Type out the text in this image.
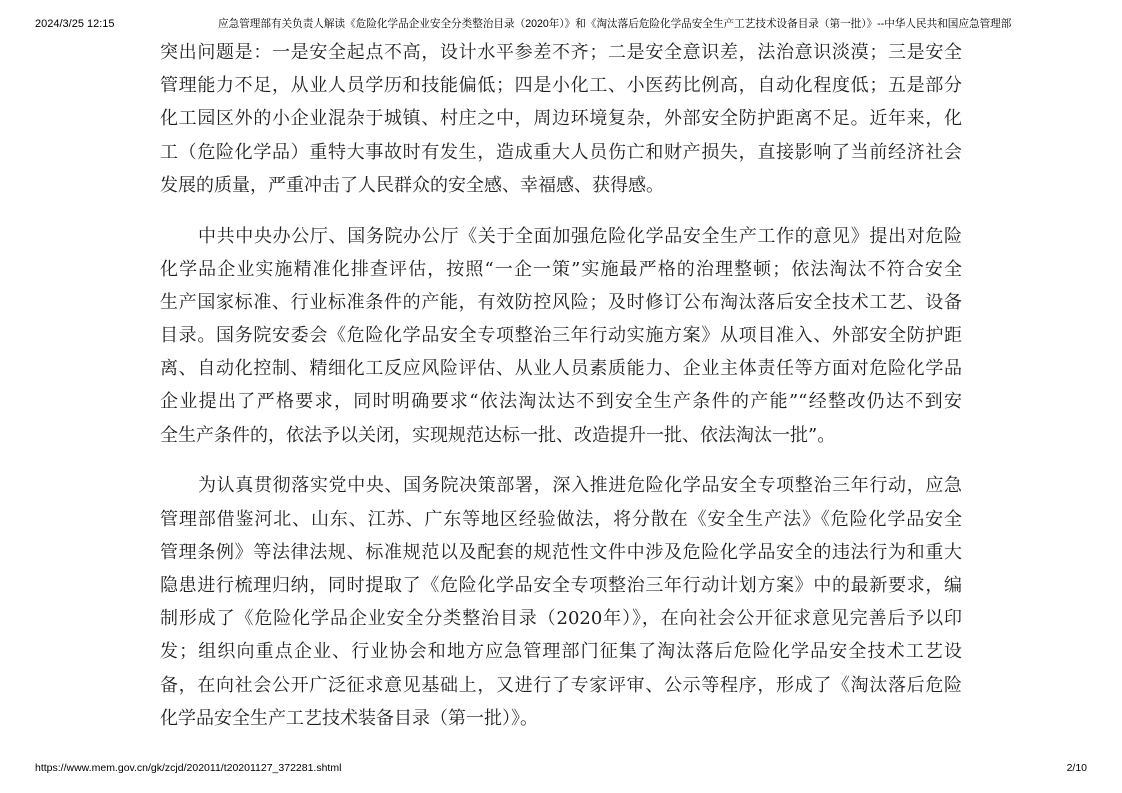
2024/3/25 12:15	应急管理部有关负责人解读《危险化学品企业安全分类整治目录（2020年）》和《淘汰落后危险化学品安全生产工艺技术设备目录（第一批）》--中华人民共和国应急管理部
突出问题是：一是安全起点不高，设计水平参差不齐；二是安全意识差，法治意识淡漠；三是安全
管理能力不足，从业人员学历和技能偏低；四是小化工、小医药比例高，自动化程度低；五是部分
化工园区外的小企业混杂于城镇、村庄之中，周边环境复杂，外部安全防护距离不足。近年来，化
工（危险化学品）重特大事故时有发生，造成重大人员伤亡和财产损失，直接影响了当前经济社会
发展的质量，严重冲击了人民群众的安全感、幸福感、获得感。
中共中央办公厅、国务院办公厅《关于全面加强危险化学品安全生产工作的意见》提出对危险
化学品企业实施精准化排查评估，按照“一企一策”实施最严格的治理整顿；依法淘汰不符合安全
生产国家标准、行业标准条件的产能，有效防控风险；及时修订公布淘汰落后安全技术工艺、设备
目录。国务院安委会《危险化学品安全专项整治三年行动实施方案》从项目准入、外部安全防护距
离、自动化控制、精细化工反应风险评估、从业人员素质能力、企业主体责任等方面对危险化学品
企业提出了严格要求，同时明确要求“依法淘汰达不到安全生产条件的产能”“经整改仍达不到安
全生产条件的，依法予以关闭，实现规范达标一批、改造提升一批、依法淘汰一批”。
为认真贯彻落实党中央、国务院决策部署，深入推进危险化学品安全专项整治三年行动，应急
管理部借鉴河北、山东、江苏、广东等地区经验做法，将分散在《安全生产法》《危险化学品安全
管理条例》等法律法规、标准规范以及配套的规范性文件中涉及危险化学品安全的违法行为和重大
隐患进行梳理归纳，同时提取了《危险化学品安全专项整治三年行动计划方案》中的最新要求，编
制形成了《危险化学品企业安全分类整治目录（2020年）》，在向社会公开征求意见完善后予以印
发；组织向重点企业、行业协会和地方应急管理部门征集了淘汰落后危险化学品安全技术工艺设
备，在向社会公开广泛征求意见基础上，又进行了专家评审、公示等程序，形成了《淘汰落后危险
化学品安全生产工艺技术装备目录（第一批）》。
https://www.mem.gov.cn/gk/zcjd/202011/t20201127_372281.shtml	2/10
